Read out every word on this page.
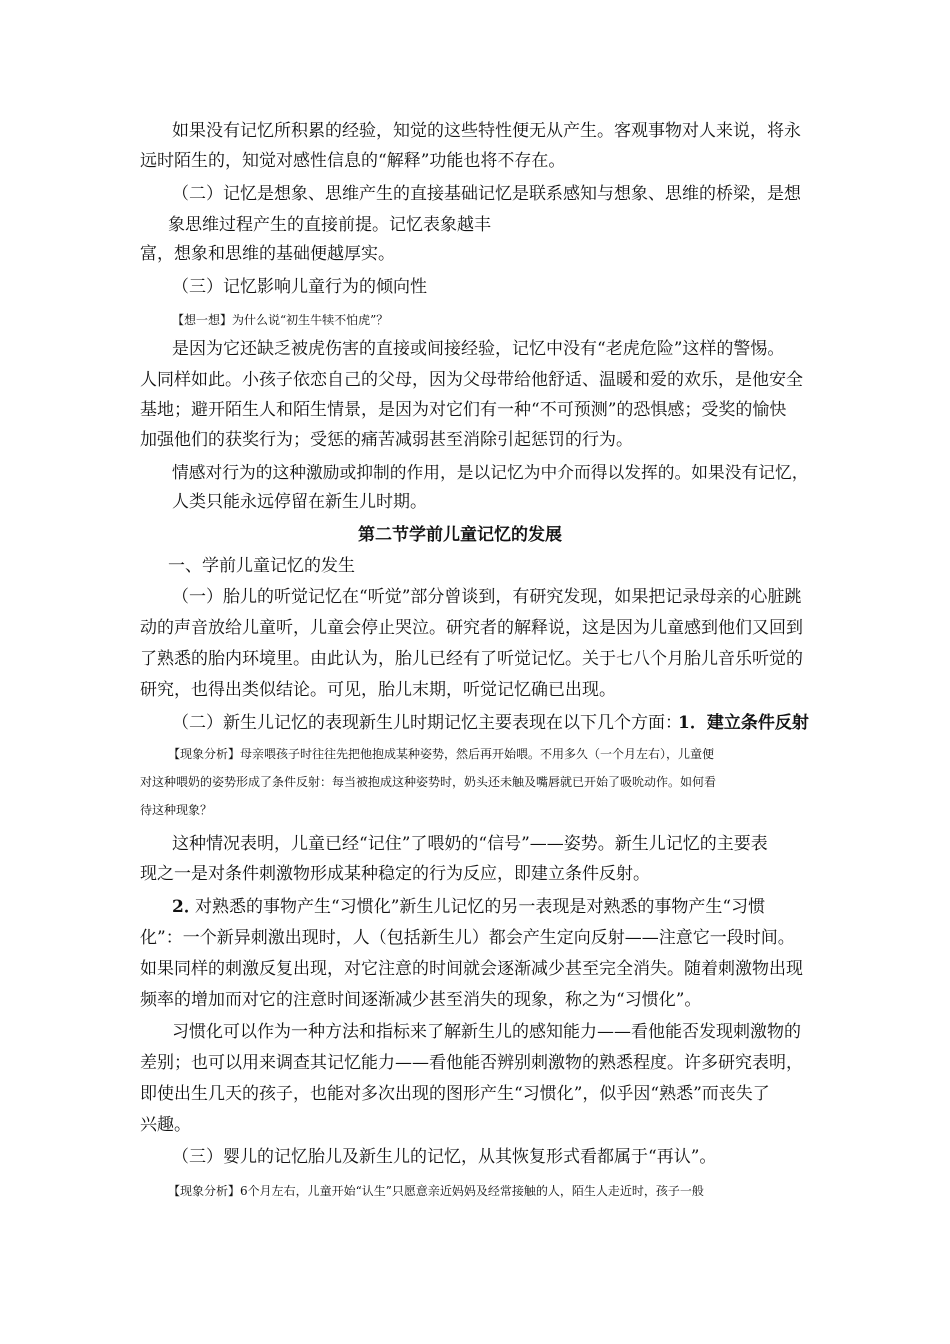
如果没有记忆所积累的经验，知觉的这些特性便无从产生。客观事物对人来说，将永
远时陌生的，知觉对感性信息的“解释”功能也将不存在。
（二）记忆是想象、思维产生的直接基础记忆是联系感知与想象、思维的桥梁，是想
象思维过程产生的直接前提。记忆表象越丰
富，想象和思维的基础便越厚实。
（三）记忆影响儿童行为的倾向性
【想一想】为什么说“初生牛犊不怕虎”？
是因为它还缺乏被虎伤害的直接或间接经验，记忆中没有“老虎危险”这样的警惕。
人同样如此。小孩子依恋自己的父母，因为父母带给他舒适、温暖和爱的欢乐，是他安全
基地；避开陌生人和陌生情景，是因为对它们有一种“不可预测”的恐惧感；受奖的愉快
加强他们的获奖行为；受惩的痛苦减弱甚至消除引起惩罚的行为。
情感对行为的这种激励或抑制的作用，是以记忆为中介而得以发挥的。如果没有记忆，
人类只能永远停留在新生儿时期。
第二节学前儿童记忆的发展
一、学前儿童记忆的发生
（一）胎儿的听觉记忆在“听觉”部分曾谈到，有研究发现，如果把记录母亲的心脏跳
动的声音放给儿童听，儿童会停止哭泣。研究者的解释说，这是因为儿童感到他们又回到
了熟悉的胎内环境里。由此认为，胎儿已经有了听觉记忆。关于七八个月胎儿音乐听觉的
研究，也得出类似结论。可见，胎儿末期，听觉记忆确已出现。
（二）新生儿记忆的表现新生儿时期记忆主要表现在以下几个方面：
1．建立条件反射
【现象分析】母亲喂孩子时往往先把他抱成某种姿势，然后再开始喂。不用多久（一个月左右），儿童便
对这种喂奶的姿势形成了条件反射：每当被抱成这种姿势时，奶头还未触及嘴唇就已开始了吸吮动作。如何看
待这种现象？
这种情况表明，儿童已经“记住”了喂奶的“信号”——姿势。新生儿记忆的主要表
现之一是对条件刺激物形成某种稳定的行为反应，即建立条件反射。
2．
对熟悉的事物产生“习惯化”新生儿记忆的另一表现是对熟悉的事物产生“习惯
化”：一个新异刺激出现时，人（包括新生儿）都会产生定向反射——注意它一段时间。
如果同样的刺激反复出现，对它注意的时间就会逐渐减少甚至完全消失。随着刺激物出现
频率的增加而对它的注意时间逐渐减少甚至消失的现象，称之为“习惯化”。
习惯化可以作为一种方法和指标来了解新生儿的感知能力——看他能否发现刺激物的
差别；也可以用来调查其记忆能力——看他能否辨别刺激物的熟悉程度。许多研究表明，
即使出生几天的孩子，也能对多次出现的图形产生“习惯化”，似乎因“熟悉”而丧失了
兴趣。
（三）婴儿的记忆胎儿及新生儿的记忆，从其恢复形式看都属于“再认”。
【现象分析】6个月左右，儿童开始“认生”只愿意亲近妈妈及经常接触的人，陌生人走近时，孩子一般
